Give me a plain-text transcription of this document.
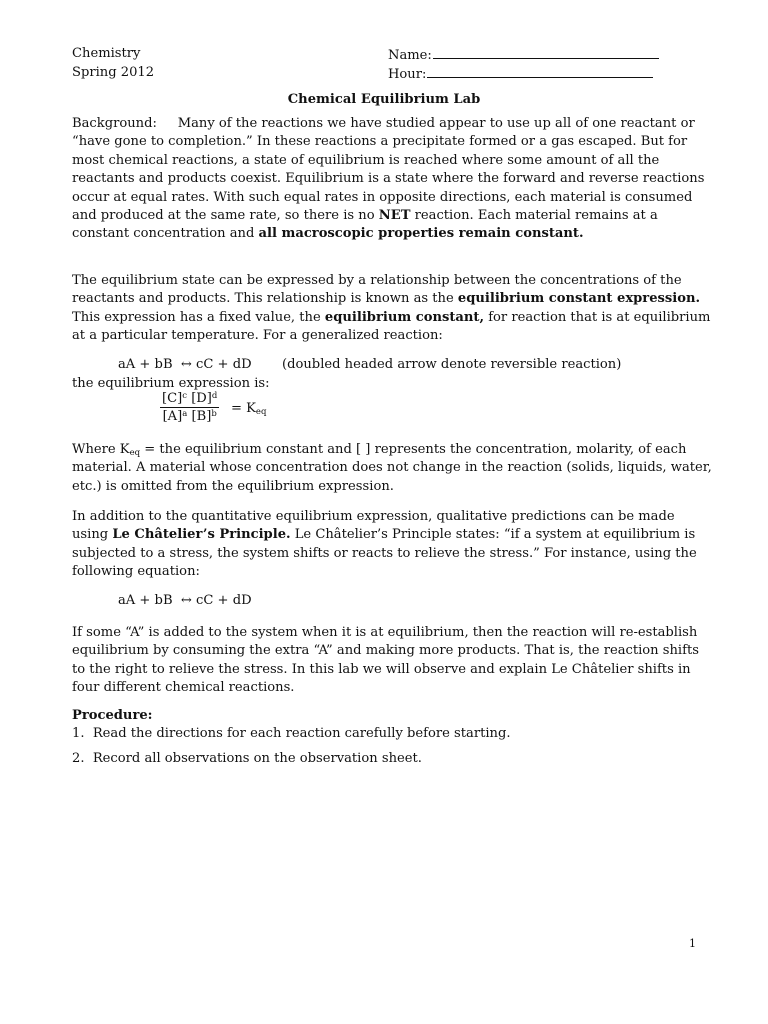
Chemistry
Spring 2012
Name:
Hour:
Chemical Equilibrium Lab
Background: Many of the reactions we have studied appear to use up all of one reactant or “have gone to completion.” In these reactions a precipitate formed or a gas escaped. But for most chemical reactions, a state of equilibrium is reached where some amount of all the reactants and products coexist. Equilibrium is a state where the forward and reverse reactions occur at equal rates. With such equal rates in opposite directions, each material is consumed and produced at the same rate, so there is no NET reaction. Each material remains at a constant concentration and all macroscopic properties remain constant.
The equilibrium state can be expressed by a relationship between the concentrations of the reactants and products. This relationship is known as the equilibrium constant expression. This expression has a fixed value, the equilibrium constant, for reaction that is at equilibrium at a particular temperature. For a generalized reaction:
aA + bB ↔ cC + dD (doubled headed arrow denote reversible reaction)
the equilibrium expression is:
$\frac{[C]^c [D]^d}{[A]^a [B]^b} = K_{eq}$
Where $K_{eq}$ = the equilibrium constant and [ ] represents the concentration, molarity, of each material. A material whose concentration does not change in the reaction (solids, liquids, water, etc.) is omitted from the equilibrium expression.
In addition to the quantitative equilibrium expression, qualitative predictions can be made using Le Châtelier’s Principle. Le Châtelier’s Principle states: “if a system at equilibrium is subjected to a stress, the system shifts or reacts to relieve the stress.” For instance, using the following equation:
aA + bB ↔ cC + dD
If some “A” is added to the system when it is at equilibrium, then the reaction will re-establish equilibrium by consuming the extra “A” and making more products. That is, the reaction shifts to the right to relieve the stress. In this lab we will observe and explain Le Châtelier shifts in four different chemical reactions.
Procedure:
1. Read the directions for each reaction carefully before starting.
2. Record all observations on the observation sheet.
1
